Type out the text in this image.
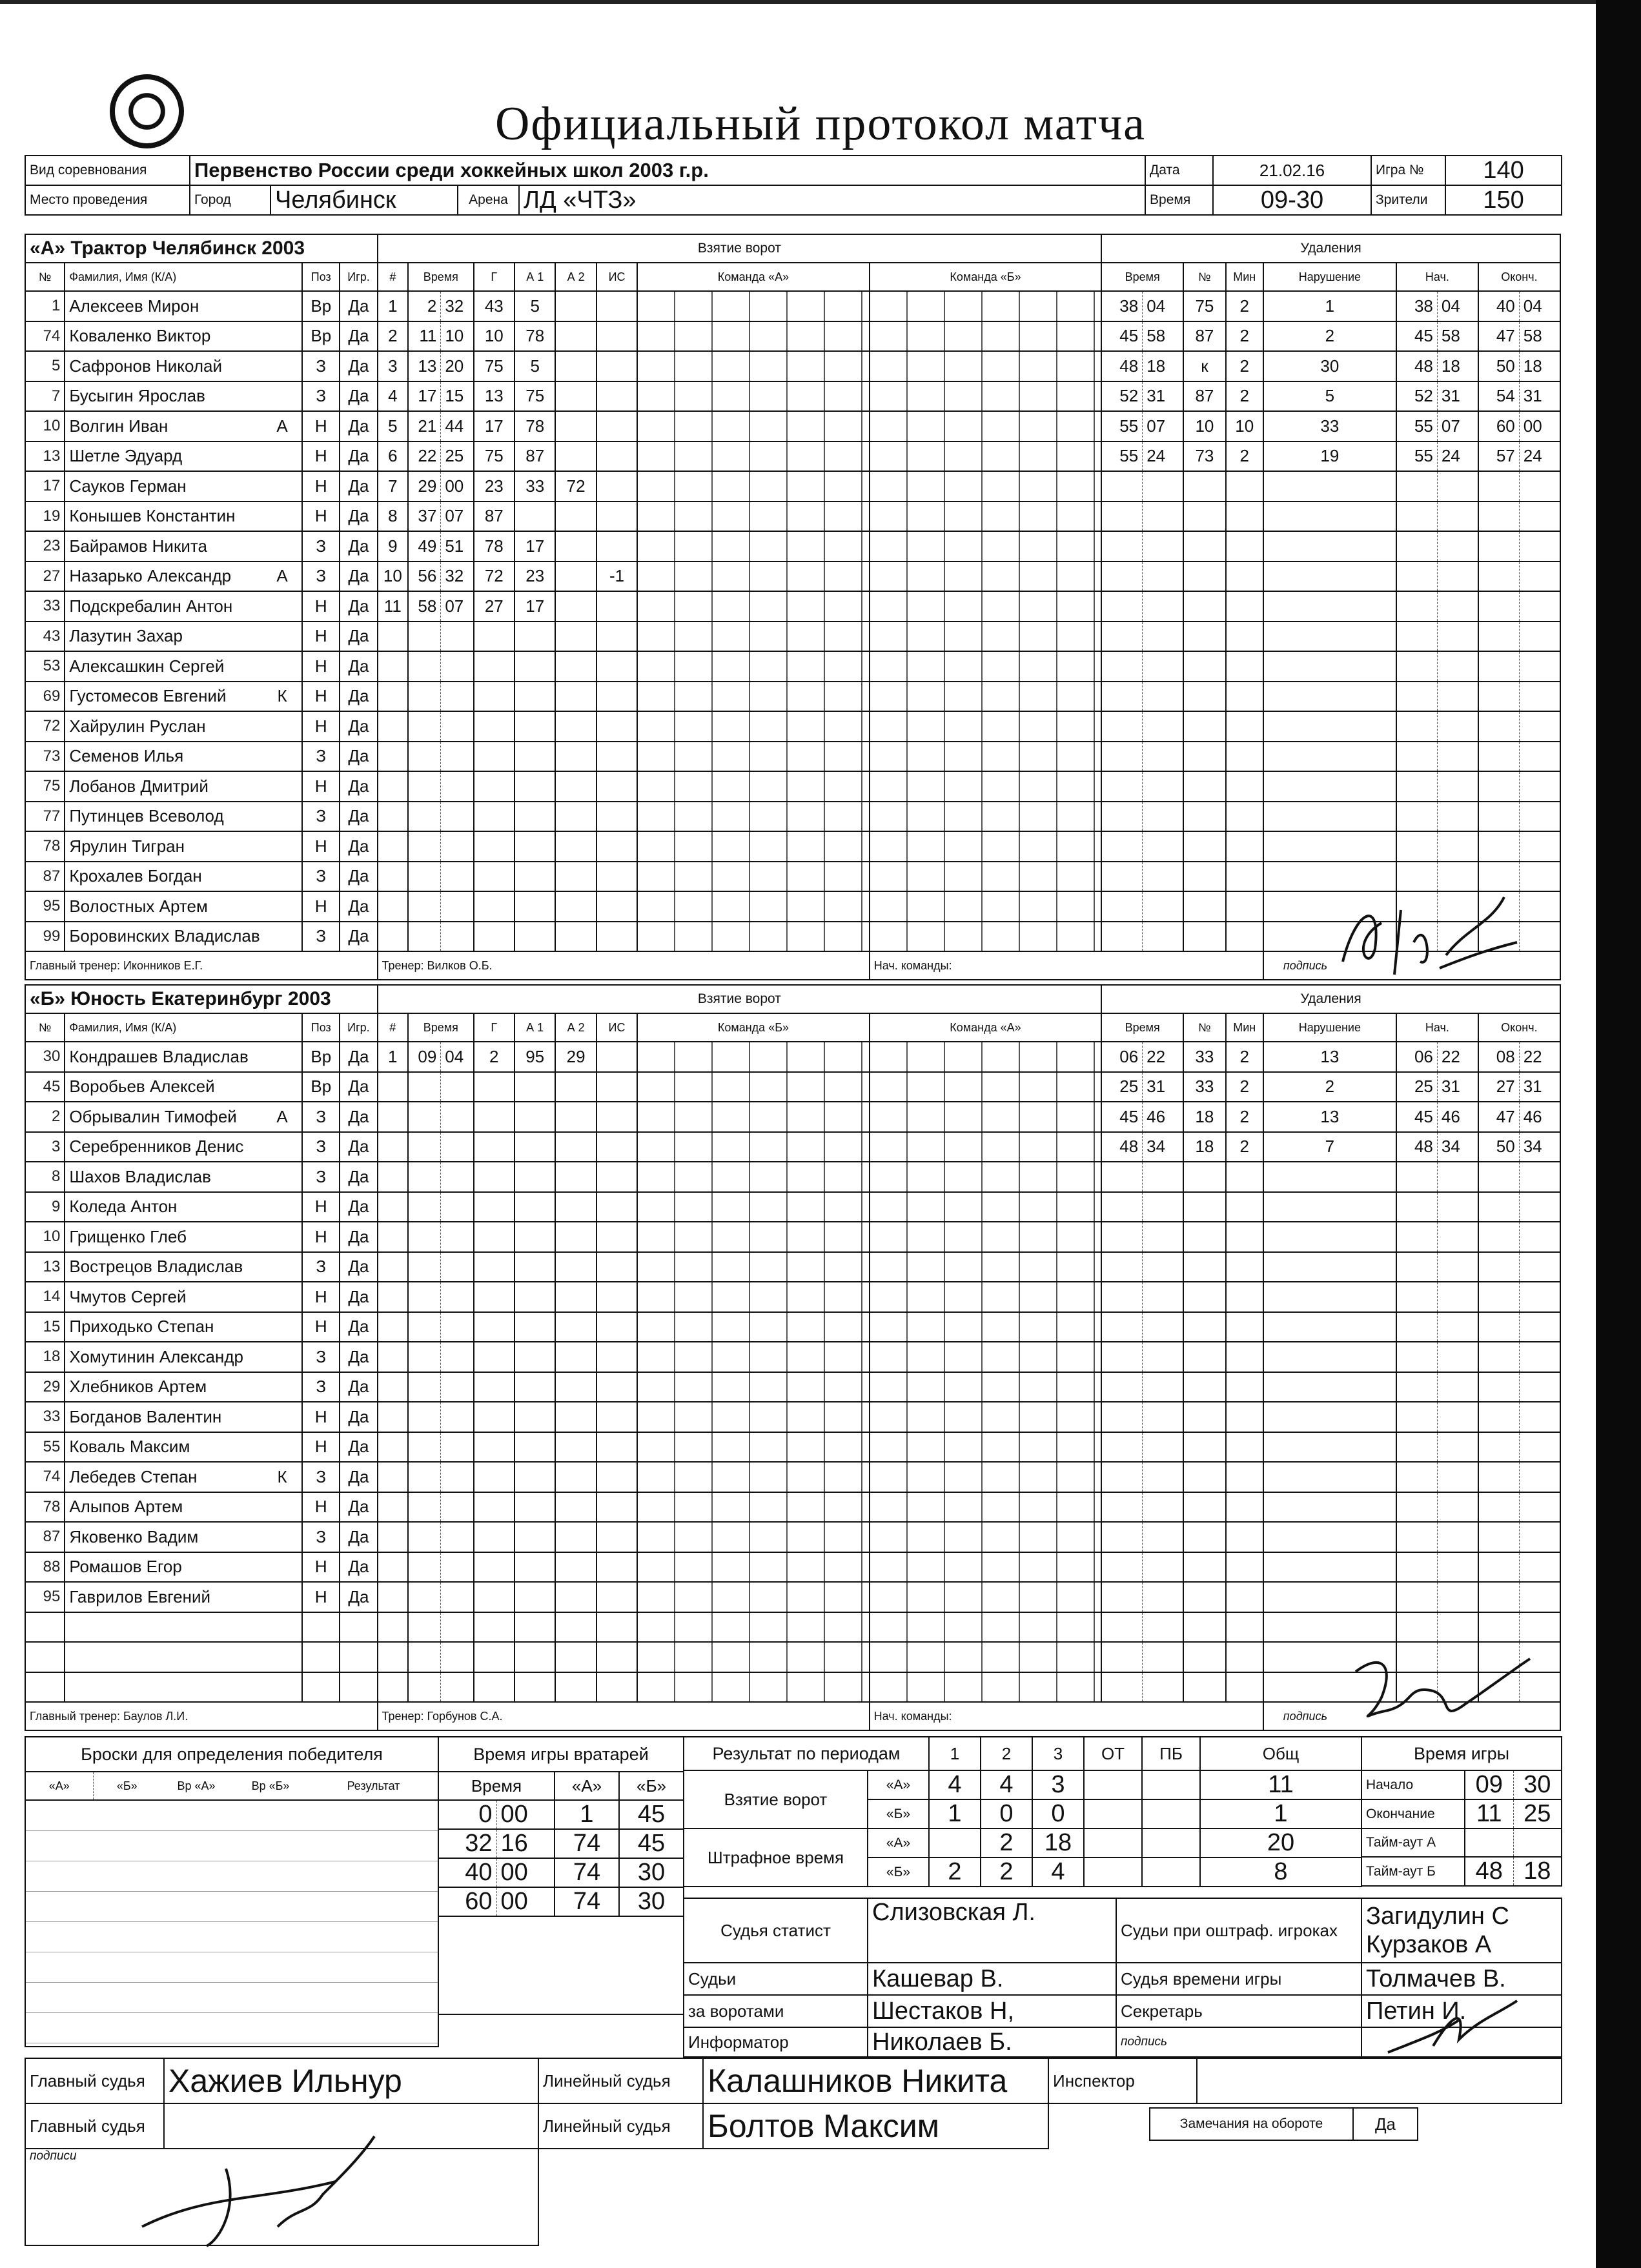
Официальный протокол матча
Вид соревнования	Первенство России среди хоккейных школ 2003 г.р.				Дата	21.02.16	Игра №	140
Место проведения	Город	Челябинск	Арена	ЛД «ЧТЗ»	Время	09-30	Зрители	150
«А» Трактор Челябинск 2003					Взятие ворот									Удаления								
№	Фамилия, Имя (К/А)		Поз	Игр.	#	Время		Г	А 1	А 2	ИС	Команда «А»	Команда «Б»	Время		№	Мин	Нарушение	Нач.		Оконч.	
1	Алексеев Мирон		Вр	Да	1	2	32	43	5					38	04	75	2	1	38	04	40	04
74	Коваленко Виктор		Вр	Да	2	11	10	10	78					45	58	87	2	2	45	58	47	58
5	Сафронов Николай		З	Да	3	13	20	75	5					48	18	к	2	30	48	18	50	18
7	Бусыгин Ярослав		З	Да	4	17	15	13	75					52	31	87	2	5	52	31	54	31
10	Волгин Иван	А	Н	Да	5	21	44	17	78					55	07	10	10	33	55	07	60	00
13	Шетле Эдуард		Н	Да	6	22	25	75	87					55	24	73	2	19	55	24	57	24
17	Сауков Герман		Н	Да	7	29	00	23	33	72												
19	Конышев Константин		Н	Да	8	37	07	87														
23	Байрамов Никита		З	Да	9	49	51	78	17													
27	Назарько Александр	А	З	Да	10	56	32	72	23		-1											
33	Подскребалин Антон		Н	Да	11	58	07	27	17													
43	Лазутин Захар		Н	Да																		
53	Алексашкин Сергей		Н	Да																		
69	Густомесов Евгений	К	Н	Да																		
72	Хайрулин Руслан		Н	Да																		
73	Семенов Илья		З	Да																		
75	Лобанов Дмитрий		Н	Да																		
77	Путинцев Всеволод		З	Да																		
78	Ярулин Тигран		Н	Да																		
87	Крохалев Богдан		З	Да																		
95	Волостных Артем		Н	Да																		
99	Боровинских Владислав		З	Да																		
Главный тренер: Иконников Е.Г.					Тренер: Вилков О.Б.								Нач. команды:					подпись				
«Б» Юность Екатеринбург 2003					Взятие ворот									Удаления								
№	Фамилия, Имя (К/А)		Поз	Игр.	#	Время		Г	А 1	А 2	ИС	Команда «Б»	Команда «А»	Время		№	Мин	Нарушение	Нач.		Оконч.	
30	Кондрашев Владислав		Вр	Да	1	09	04	2	95	29				06	22	33	2	13	06	22	08	22
45	Воробьев Алексей		Вр	Да										25	31	33	2	2	25	31	27	31
2	Обрывалин Тимофей	А	З	Да										45	46	18	2	13	45	46	47	46
3	Серебренников Денис		З	Да										48	34	18	2	7	48	34	50	34
8	Шахов Владислав		З	Да																		
9	Коледа Антон		Н	Да																		
10	Грищенко Глеб		Н	Да																		
13	Вострецов Владислав		З	Да																		
14	Чмутов Сергей		Н	Да																		
15	Приходько Степан		Н	Да																		
18	Хомутинин Александр		З	Да																		
29	Хлебников Артем		З	Да																		
33	Богданов Валентин		Н	Да																		
55	Коваль Максим		Н	Да																		
74	Лебедев Степан	К	З	Да																		
78	Алыпов Артем		Н	Да																		
87	Яковенко Вадим		З	Да																		
88	Ромашов Егор		Н	Да																		
95	Гаврилов Евгений		Н	Да																		

Главный тренер: Баулов Л.И.					Тренер: Горбунов С.А.								Нач. команды:					подпись				
Броски для определения победителя
«А»	«Б»	Вр «А»	Вр «Б»	Результат

Время игры вратарей			
Время		«А»	«Б»
0	00	1	45
32	16	74	45
40	00	74	30
60	00	74	30

Результат по периодам		1	2	3	ОТ	ПБ	Общ
Взятие ворот	«А»	4	4	3			11
	«Б»	1	0	0			1
Штрафное время	«А»		2	18			20
	«Б»	2	2	4			8
Время игры		
Начало	09	30
Окончание	11	25
Тайм-аут А		
Тайм-аут Б	48	18
Судья статист	Слизовская Л.	Судьи при оштраф. игроках	Загидулин С
Курзаков А

Судьи	Кашевар В.	Судья времени игры	Толмачев В.
за воротами	Шестаков Н,	Секретарь	Петин И.
Информатор	Николаев Б.	подпись	
Главный судья	Хажиев Ильнур	Линейный судья	Калашников Никита	Инспектор	
Главный судья		Линейный судья	Болтов Максим		
подписи					
Замечания на обороте	Да
